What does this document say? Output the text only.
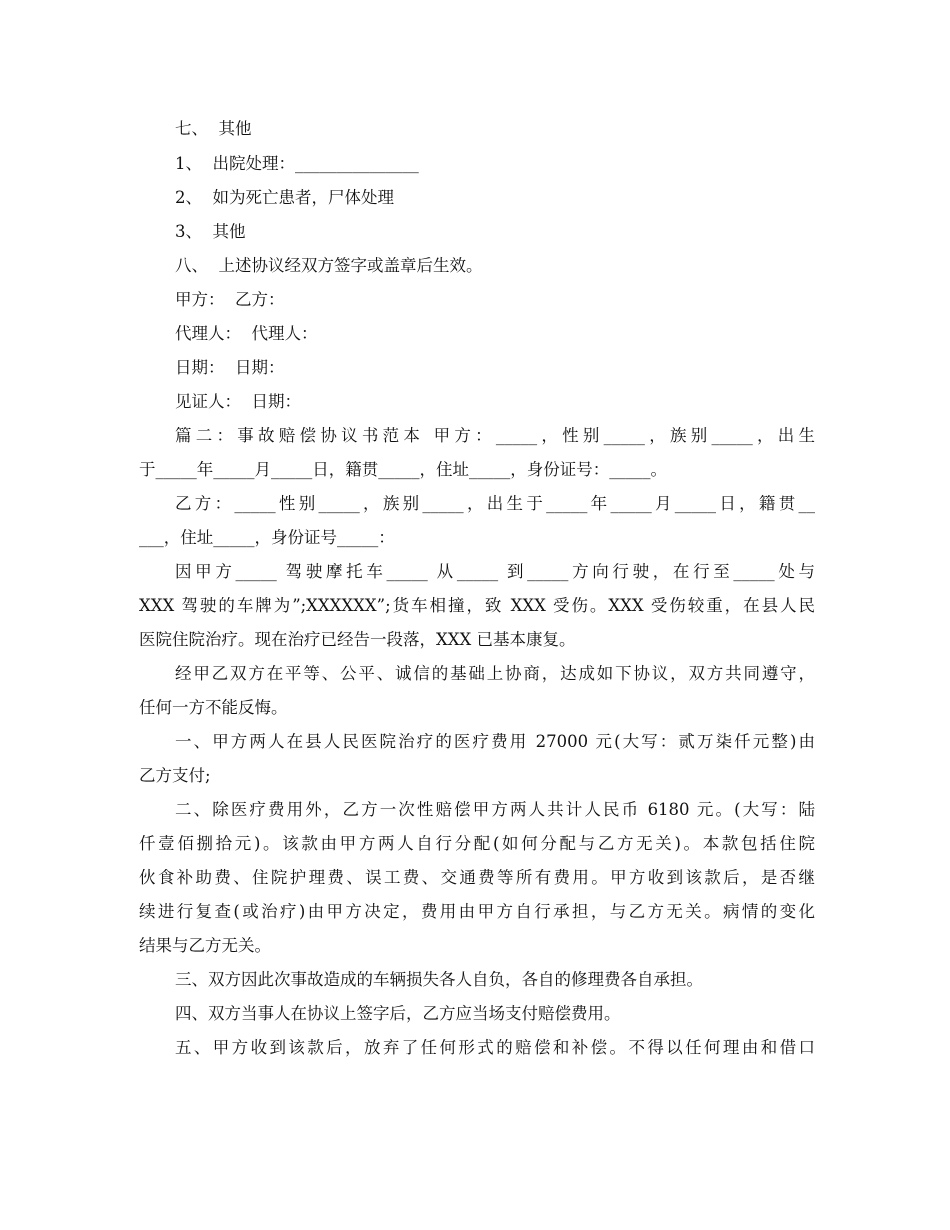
七、  其他
1、  出院处理：_______________
2、  如为死亡患者，尸体处理
3、  其他
八、  上述协议经双方签字或盖章后生效。
甲方：  乙方：
代理人：  代理人：
日期：  日期：
见证人：  日期：
篇二：事故赔偿协议书范本 甲方：_____，性别_____，族别_____，出生
于_____年_____月_____日，籍贯_____，住址_____，身份证号：_____。
乙方：_____性别_____，族别_____，出生于_____年_____月_____日，籍贯__
___，住址_____，身份证号_____：
因甲方_____ 驾驶摩托车_____ 从_____ 到_____方向行驶，在行至_____处与
XXX 驾驶的车牌为”;XXXXXX”;货车相撞，致 XXX 受伤。XXX 受伤较重，在县人民
医院住院治疗。现在治疗已经告一段落，XXX 已基本康复。
经甲乙双方在平等、公平、诚信的基础上协商，达成如下协议，双方共同遵守，
任何一方不能反悔。
一、甲方两人在县人民医院治疗的医疗费用 27000 元(大写：贰万柒仟元整)由
乙方支付;
二、除医疗费用外，乙方一次性赔偿甲方两人共计人民币 6180 元。(大写：陆
仟壹佰捌拾元)。该款由甲方两人自行分配(如何分配与乙方无关)。本款包括住院
伙食补助费、住院护理费、误工费、交通费等所有费用。甲方收到该款后，是否继
续进行复查(或治疗)由甲方决定，费用由甲方自行承担，与乙方无关。病情的变化
结果与乙方无关。
三、双方因此次事故造成的车辆损失各人自负，各自的修理费各自承担。
四、双方当事人在协议上签字后，乙方应当场支付赔偿费用。
五、甲方收到该款后，放弃了任何形式的赔偿和补偿。不得以任何理由和借口
